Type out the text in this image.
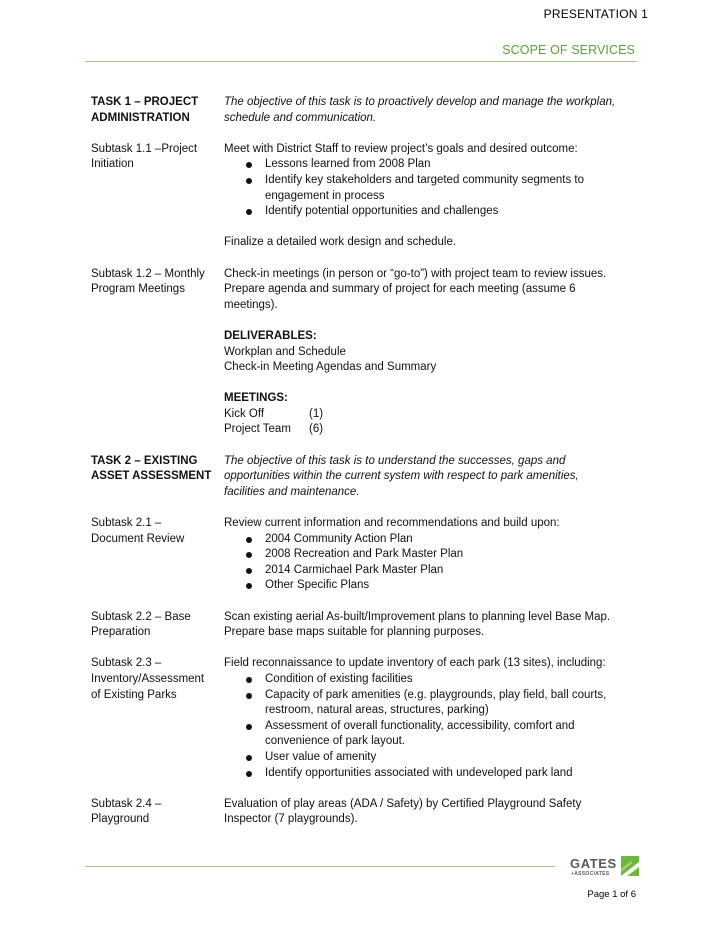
PRESENTATION 1
SCOPE OF SERVICES
TASK 1 – PROJECT
ADMINISTRATION
The objective of this task is to proactively develop and manage the workplan,
schedule and communication.
Subtask 1.1 –Project
Initiation
Meet with District Staff to review project’s goals and desired outcome:
Lessons learned from 2008 Plan
Identify key stakeholders and targeted community segments to
engagement in process
Identify potential opportunities and challenges
Finalize a detailed work design and schedule.
Subtask 1.2 – Monthly
Program Meetings
Check-in meetings (in person or “go-to”) with project team to review issues.
Prepare agenda and summary of project for each meeting (assume 6
meetings).
DELIVERABLES:
Workplan and Schedule
Check-in Meeting Agendas and Summary
MEETINGS:
Kick Off	(1)
Project Team	(6)
TASK 2 – EXISTING
ASSET ASSESSMENT
The objective of this task is to understand the successes, gaps and
opportunities within the current system with respect to park amenities,
facilities and maintenance.
Subtask 2.1 –
Document Review
Review current information and recommendations and build upon:
2004 Community Action Plan
2008 Recreation and Park Master Plan
2014 Carmichael Park Master Plan
Other Specific Plans
Subtask 2.2 – Base
Preparation
Scan existing aerial As-built/Improvement plans to planning level Base Map.
Prepare base maps suitable for planning purposes.
Subtask 2.3 –
Inventory/Assessment
of Existing Parks
Field reconnaissance to update inventory of each park (13 sites), including:
Condition of existing facilities
Capacity of park amenities (e.g. playgrounds, play field, ball courts,
restroom, natural areas, structures, parking)
Assessment of overall functionality, accessibility, comfort and
convenience of park layout.
User value of amenity
Identify opportunities associated with undeveloped park land
Subtask 2.4 –
Playground
Evaluation of play areas (ADA / Safety) by Certified Playground Safety
Inspector (7 playgrounds).
GATES
+ASSOCIATES
Page 1 of 6
